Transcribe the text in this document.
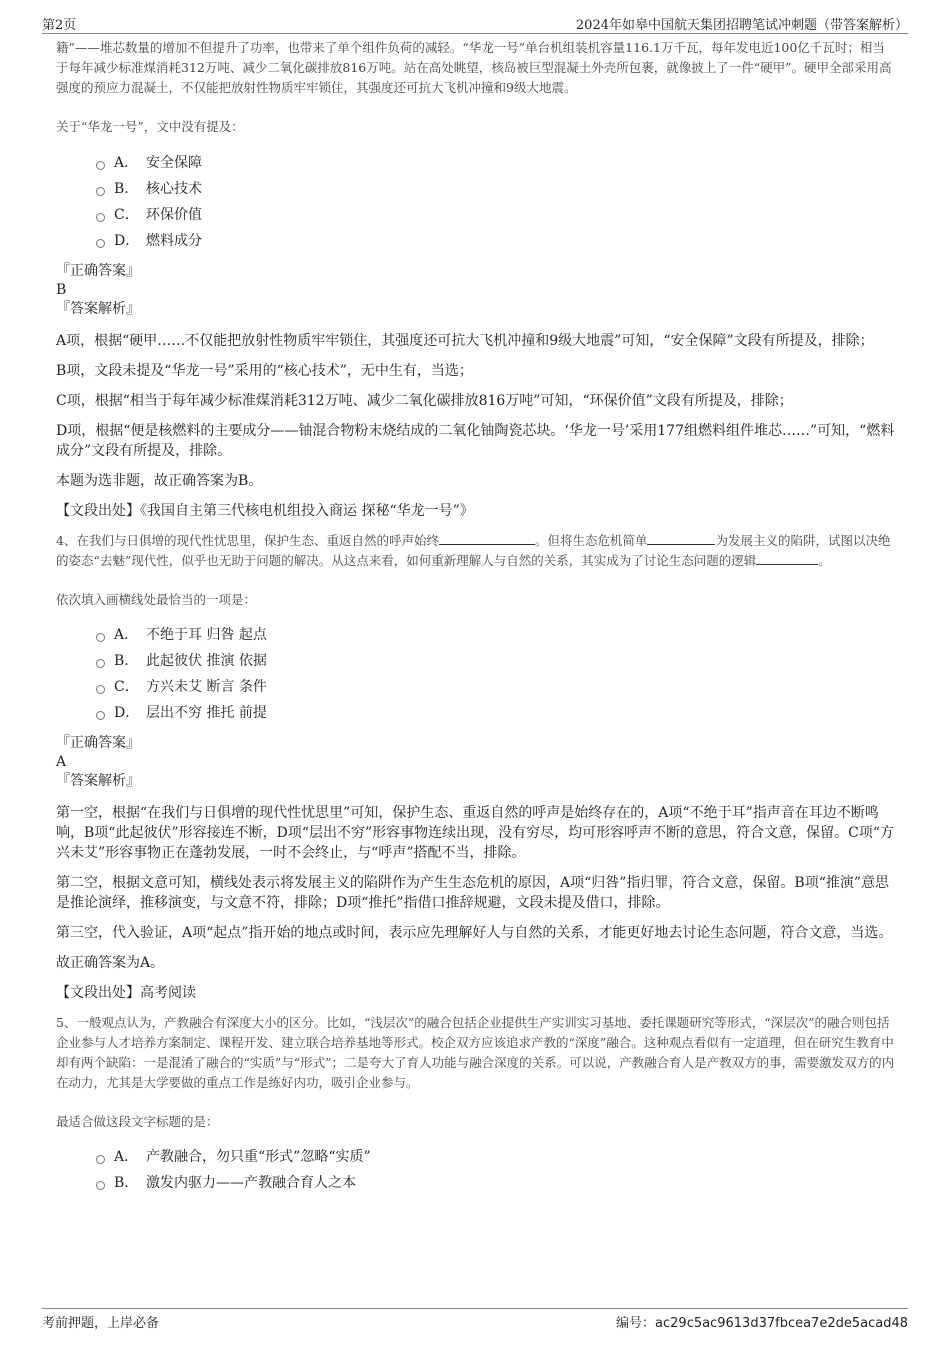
第2页	2024年如皋中国航天集团招聘笔试冲刺题（带答案解析）

籍”——堆芯数量的增加不但提升了功率，也带来了单个组件负荷的减轻。“华龙一号”单台机组装机容量116.1万千瓦，每年发电近100亿千瓦时；相当于每年减少标准煤消耗312万吨、减少二氧化碳排放816万吨。站在高处眺望，核岛被巨型混凝土外壳所包裹，就像披上了一件“硬甲”。硬甲全部采用高强度的预应力混凝土，不仅能把放射性物质牢牢锁住，其强度还可抗大飞机冲撞和9级大地震。

关于“华龙一号”，文中没有提及：

A． 安全保障
B． 核心技术
C． 环保价值
D． 燃料成分

『正确答案』

B

『答案解析』

A项，根据“硬甲……不仅能把放射性物质牢牢锁住，其强度还可抗大飞机冲撞和9级大地震”可知，“安全保障”文段有所提及，排除；

B项，文段未提及“华龙一号”采用的“核心技术”，无中生有，当选；

C项，根据“相当于每年减少标准煤消耗312万吨、减少二氧化碳排放816万吨”可知，“环保价值”文段有所提及，排除；

D项，根据“便是核燃料的主要成分——铀混合物粉末烧结成的二氧化铀陶瓷芯块。‘华龙一号’采用177组燃料组件堆芯……”可知，“燃料成分”文段有所提及，排除。

本题为选非题，故正确答案为B。

【文段出处】《我国自主第三代核电机组投入商运 探秘“华龙一号”》

4、在我们与日俱增的现代性忧思里，保护生态、重返自然的呼声始终	。但将生态危机简单	为发展主义的陷阱，试图以决绝的姿态“去魅”现代性，似乎也无助于问题的解决。从这点来看，如何重新理解人与自然的关系，其实成为了讨论生态问题的逻辑	。

依次填入画横线处最恰当的一项是：

A． 不绝于耳 归咎 起点
B． 此起彼伏 推演 依据
C． 方兴未艾 断言 条件
D． 层出不穷 推托 前提

『正确答案』

A

『答案解析』

第一空，根据“在我们与日俱增的现代性忧思里”可知，保护生态、重返自然的呼声是始终存在的，A项“不绝于耳”指声音在耳边不断鸣响，B项“此起彼伏”形容接连不断，D项“层出不穷”形容事物连续出现，没有穷尽，均可形容呼声不断的意思，符合文意，保留。C项“方兴未艾”形容事物正在蓬勃发展，一时不会终止，与“呼声”搭配不当，排除。

第二空，根据文意可知，横线处表示将发展主义的陷阱作为产生生态危机的原因，A项“归咎”指归罪，符合文意，保留。B项“推演”意思是推论演绎，推移演变，与文意不符，排除；D项“推托”指借口推辞规避，文段未提及借口，排除。

第三空，代入验证，A项“起点”指开始的地点或时间，表示应先理解好人与自然的关系，才能更好地去讨论生态问题，符合文意，当选。

故正确答案为A。

【文段出处】高考阅读

5、一般观点认为，产教融合有深度大小的区分。比如，“浅层次”的融合包括企业提供生产实训实习基地、委托课题研究等形式，“深层次”的融合则包括企业参与人才培养方案制定、课程开发、建立联合培养基地等形式。校企双方应该追求产教的“深度”融合。这种观点看似有一定道理，但在研究生教育中却有两个缺陷：一是混淆了融合的“实质”与“形式”；二是夸大了育人功能与融合深度的关系。可以说，产教融合育人是产教双方的事，需要激发双方的内在动力，尤其是大学要做的重点工作是练好内功，吸引企业参与。

最适合做这段文字标题的是：

A． 产教融合，勿只重“形式”忽略“实质”
B． 激发内驱力——产教融合育人之本
考前押题，上岸必备	编号：ac29c5ac9613d37fbcea7e2de5acad48
